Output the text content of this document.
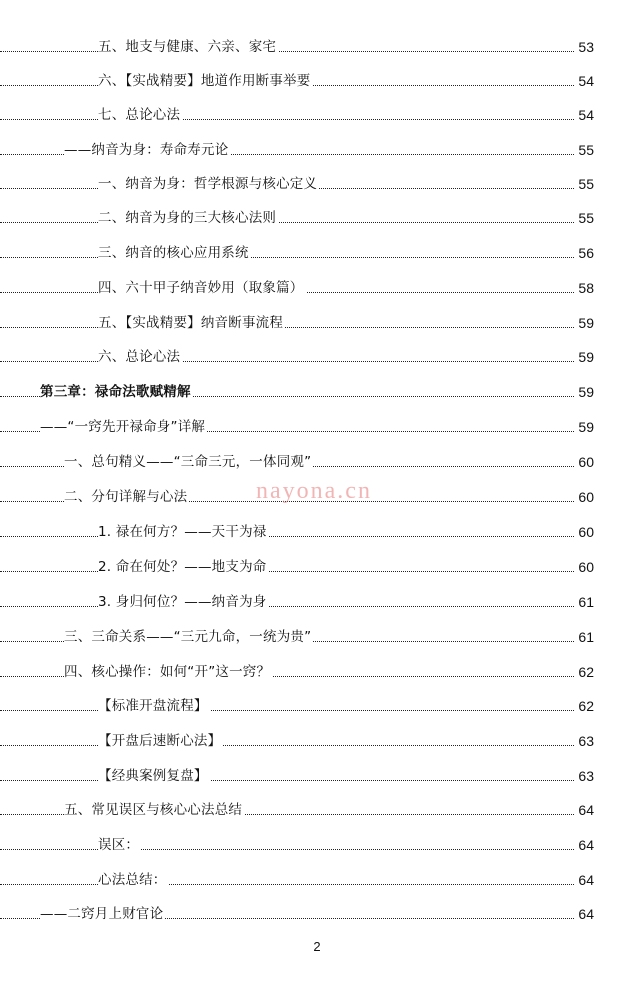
五、地支与健康、六亲、家宅	53
六、【实战精要】地道作用断事举要	54
七、总论心法	54
——纳音为身：寿命寿元论	55
一、纳音为身：哲学根源与核心定义	55
二、纳音为身的三大核心法则	55
三、纳音的核心应用系统	56
四、六十甲子纳音妙用（取象篇）	58
五、【实战精要】纳音断事流程	59
六、总论心法	59
第三章：禄命法歌赋精解	59
——“一窍先开禄命身”详解	59
一、总句精义——“三命三元，一体同观”	60
二、分句详解与心法	60
1. 禄在何方？——天干为禄	60
2. 命在何处？——地支为命	60
3. 身归何位？——纳音为身	61
三、三命关系——“三元九命，一统为贵”	61
四、核心操作：如何“开”这一窍？	62
【标准开盘流程】	62
【开盘后速断心法】	63
【经典案例复盘】	63
五、常见误区与核心心法总结	64
误区：	64
心法总结：	64
——二窍月上财官论	64
nayona.cn
2
